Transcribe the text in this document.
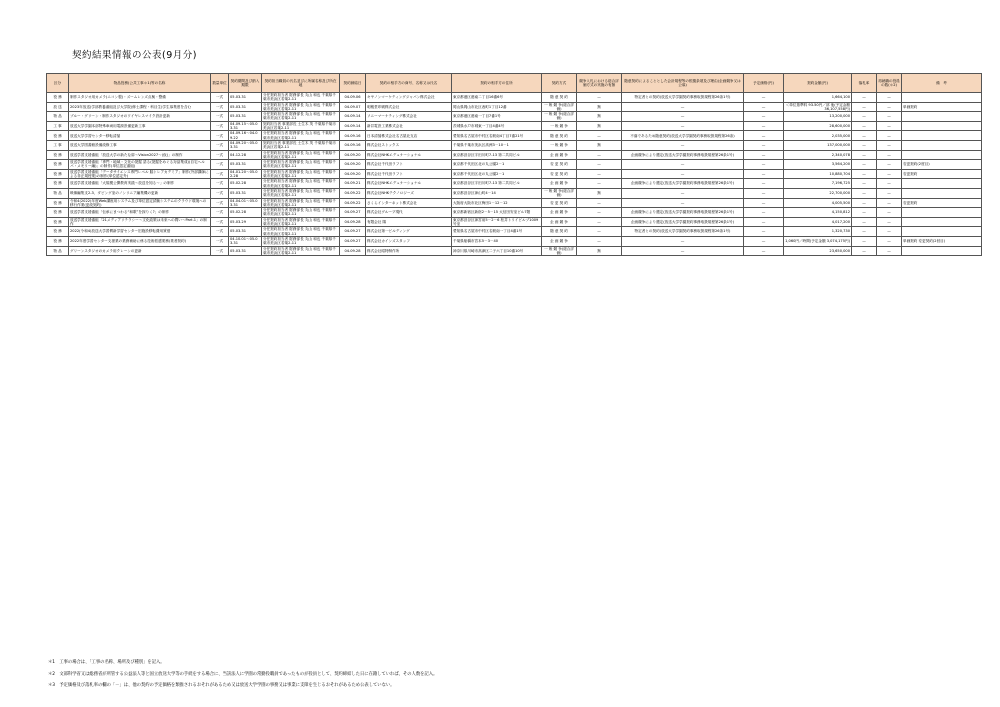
契約結果情報の公表(9月分)
区分	物品役務(公共工事＊1)等の名称	数量単位	契約期間及び納入期限	契約担当職員の氏名並びに所属名称及び所在地	契約締結日	契約の相手方の商号、名称又は氏名	契約の相手方の住所	契約方式	競争入札における総合評価方式の実施の有無	随意契約によることとした会計規程等の根拠条項及び理由(企画競争又は公募)	予定価格(円)	契約金額(円)	落札率	再就職の役員の数(＊2)	備　考
役 務	制作スタジオ用カメラ(ニコン製)・ズームレンズ点検・整備	一式	05.03.31	分任契約担当者 財務部長 丸山 和也 千葉県千葉市美浜区若葉2-11	04.09.06	キヤノンマーケティングジャパン株式会社	東京都港区港南二丁目16番6号	随 意 契 約	—	特定者との契約(放送大学学園契約事務取扱規程第26条1号)	—	1,664,100	—	—	
放 送	2023年放送(学部教養番組及び大学院(修士課程・科目生)学生募集度を含む	一式	05.03.31	分任契約担当者 財務部長 丸山 和也 千葉県千葉市美浜区若葉2-11	04.09.07	明報堂印刷株式会社	岡山県岡山市北区表町1丁目12番	一 般 競 争(総合評価)	無	—	—	＜単位基準料 93.50円／部 他(予定金額 36,107,558円)	—	—	単価契約
物 品	ブルー・グリーン・制作スタジオのワイヤレスマイク設計更新	一式	05.03.31	分任契約担当者 財務部長 丸山 和也 千葉県千葉市美浜区若葉2-11	04.09.14	ソニーマーケティング株式会社	東京都港区港南一丁目7番1号	一 般 競 争(総合評価)	無	—	—	13,200,000	—	—	
工 事	放送大学学園本部特殊車両用電源設備更新工事	一式	04.09.15～05.03.31	契約担当者 事業部長 土生木 茂 千葉県千葉市美浜区若葉2-11	04.09.14	新井電設工業株式会社	茨城県水戸市城東一丁目4番4号	一 般 競 争	無	—	—	28,600,000	—	—	
役 務	放送大学学習センター移転清掃	一式	04.09.16～04.09.22	分任契約担当者 財務部長 丸山 和也 千葉県千葉市美浜区若葉2-11	04.09.16	日本清掃株式会社名古屋北支店	愛知県名古屋市中村区名駅南4丁目7番21号	随 意 契 約	—	不落であるため随意契約(放送大学学園契約事務取扱規程第26条)	—	2,035,000	—	—	
工 事	放送大学図書館設備改修工事	一式	04.09.20～05.03.31	契約担当者 事業部長 土生木 茂 千葉県千葉市美浜区若葉2-11	04.09.16	株式会社ストックス	千葉県千葉市美浜区高洲3－10－1	一 般 競 争	無	—	—	137,000,000	—	—	
役 務	放送学習支援番組「放送大学の新たな扉～Vision2027～(仮)」の制作	一式	04.12.28	分任契約担当者 財務部長 丸山 和也 千葉県千葉市美浜区若葉2-11	04.09.20	株式会社NHKエデュケーショナル	東京都渋谷区宇田川町7-13 第二共同ビル	企 画 競 争	—	企画競争により選定(放送大学学園契約事務取扱規程第26条1号)	—	2,340,078	—	—	
役 務	放送学習支援番組「専門・地域・文化の発掘 語る(発掘をめぐる対話集成)(自宅ヘルパ・メモリー編)」の制作(単位認定番組)	一式	05.03.31	分任契約担当者 財務部長 丸山 和也 千葉県千葉市美浜区若葉2-11	04.09.20	株式会社千代田ラフト	東京都千代田区北の丸公園2－1	変 更 契 約	—	—	—	3,564,200	—	—	変更契約(2度目)
役 務	放送学習支援番組「データサイエンス専門レベル 脳トレアカデミア」制作(外部講師による非正規授業)の制作(単位認定外)	一式	04.01.20～05.02.28	分任契約担当者 財務部長 丸山 和也 千葉県千葉市美浜区若葉2-11	04.09.20	株式会社千代田ラフト	東京都千代田区北の丸公園2－1	変 更 契 約	—	—	—	10,880,704	—	—	変更契約
役 務	放送学習支援番組「大規模公開教育実践～放送を知る～」の制作	一式	05.02.28	分任契約担当者 財務部長 丸山 和也 千葉県千葉市美浜区若葉2-11	04.09.21	株式会社NHKエデュケーショナル	東京都渋谷区宇田川町7-13 第二共同ビル	企 画 競 争	—	企画競争により選定(放送大学学園契約事務取扱規程第26条1号)	—	7,196,725	—	—	
物 品	映像編集支2-3、ダビング室のノンリニア編集機の更新	一式	05.03.31	分任契約担当者 財務部長 丸山 和也 千葉県千葉市美浜区若葉2-11	04.09.22	株式会社NHKテクノロジーズ	東京都渋谷区神山町4－14	一 般 競 争(総合評価)	無	—	—	22,700,000	—	—	
役 務	令和4(2022)年度Web講座用システム及び単位認定試験システムのクラウド環境への移行作業(更改契約)	一式	04.04.01～05.03.31	分任契約担当者 財務部長 丸山 和也 千葉県千葉市美浜区若葉2-11	04.09.22	さくらインターネット株式会社	大阪府大阪市北区梅田1－12－12	変 更 契 約	—	—	—	4,005,500	—	—	変更契約
役 務	放送学習支援番組「伝承にまつわる“和歌”を探りく?」の制作	一式	05.02.28	分任契約担当者 財務部長 丸山 和也 千葉県千葉市美浜区若葉2-11	04.09.27	株式会社グループ現代	東京都新宿区新宿2－5－15 大信田安室ビル7階	企 画 競 争	—	企画競争により選定(放送大学学園契約事務取扱規程第26条1号)	—	4,150,812	—	—	
役 務	放送学習支援番組「21メディアリテラシー～文化政策は未来への問い～Part.1」の制作	一式	05.03.29	分任契約担当者 財務部長 丸山 和也 千葉県千葉市美浜区若葉2-11	04.09.28	有限会社 陽	東京都渋谷区神宮前5－2－6 松井トリイビルブ1009号室	企 画 競 争	—	企画競争により選定(放送大学学園契約事務取扱規程第26条1号)	—	4,017,200	—	—	
役 務	2022(令和4)放送大学習慣新学習センター旧施設移転費用賃借	一式	05.03.31	分任契約担当者 財務部長 丸山 和也 千葉県千葉市美浜区若葉2-11	04.09.27	株式会社第一ビルディング	愛知県名古屋市中村区名駅南一丁目4番1号	随 意 契 約	—	特定者との契約(放送大学学園契約事務取扱規程第26条1号)	—	1,320,730	—	—	
役 務	2022年度学習センター支援業の業務補助に係る技術派遣業務(業者契約)	一式	04.10.01～05.03.31	分任契約担当者 財務部長 丸山 和也 千葉県千葉市美浜区若葉2-11	04.09.27	株式会社カインズスタッフ	千葉県船橋市宮本5－3－40	企 画 競 争	—	—	—	1,060円／時間(予定金額 3,074,175円)	—	—	単価契約 変更契約(2回目)
物 品	グリーンスタジオのカメラ用クレーンの更新	一式	05.03.31	分任契約担当者 財務部長 丸山 和也 千葉県千葉市美浜区若葉2-11	04.09.28	株式会社昭特制作所	神奈川県川崎市高津区二子六丁目10番10号	一 般 競 争(総合評価)	無	—	—	23,650,000	—	—	
＊1　工事の場合は、「工事の名称、場所及び種別」を記入。
＊2　文部科学省又は総務省が所管する公益法人等と国立放送大学等の手続をする場合に、当該法人に学園の常勤役職員であったものが役員として、契約締結した日に在籍していれば、その人数を記入。
＊3　予定価格及び落札率の欄の「－」は、他の契約の予定価格を類推されるおそれがあるため又は放送大学学園の事務又は事業に支障を生じるおそれがあるため公表していない。
